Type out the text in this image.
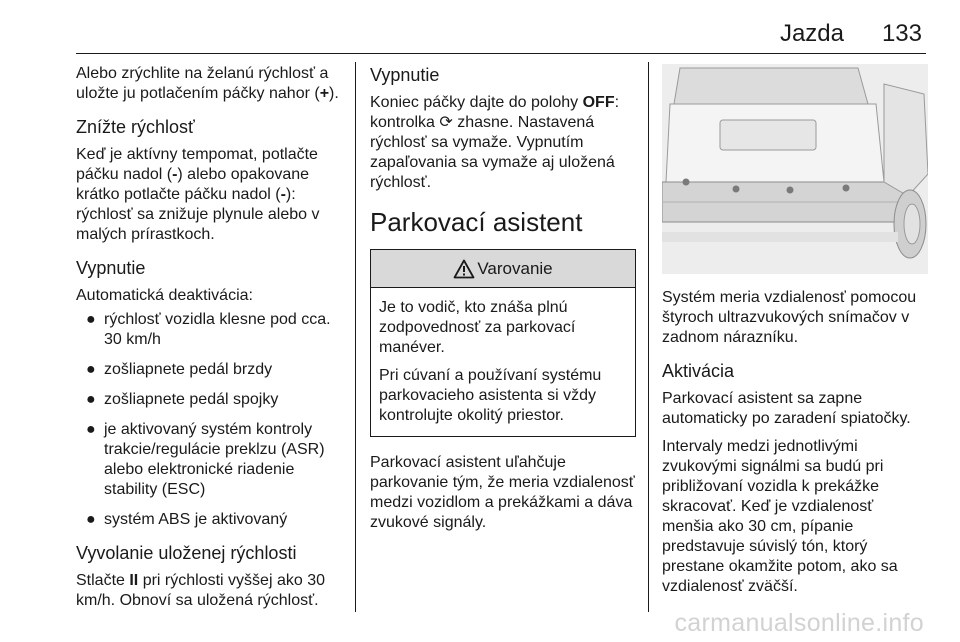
Jazda 133

Alebo zrýchlite na želanú rýchlosť a uložte ju potlačením páčky nahor (+).

Znížte rýchlosť

Keď je aktívny tempomat, potlačte páčku nadol (-) alebo opakovane krátko potlačte páčku nadol (-): rýchlosť sa znižuje plynule alebo v malých prírastkoch.

Vypnutie

Automatická deaktivácia:

● rýchlosť vozidla klesne pod cca. 30 km/h
● zošliapnete pedál brzdy
● zošliapnete pedál spojky
● je aktivovaný systém kontroly trakcie/regulácie preklzu (ASR) alebo elektronické riadenie stability (ESC)
● systém ABS je aktivovaný
Vyvolanie uloženej rýchlosti

Stlačte II pri rýchlosti vyššej ako 30 km/h. Obnoví sa uložená rýchlosť.

Vypnutie

Koniec páčky dajte do polohy OFF: kontrolka ⟳ zhasne. Nastavená rýchlosť sa vymaže. Vypnutím zapaľovania sa vymaže aj uložená rýchlosť.

Parkovací asistent
Varovanie

Je to vodič, kto znáša plnú zodpovednosť za parkovací manéver.

Pri cúvaní a používaní systému parkovacieho asistenta si vždy kontrolujte okolitý priestor.

Parkovací asistent uľahčuje parkovanie tým, že meria vzdialenosť medzi vozidlom a prekážkami a dáva zvukové signály.

Systém meria vzdialenosť pomocou štyroch ultrazvukových snímačov v zadnom nárazníku.

Aktivácia

Parkovací asistent sa zapne automaticky po zaradení spiatočky.

Intervaly medzi jednotlivými zvukovými signálmi sa budú pri približovaní vozidla k prekážke skracovať. Keď je vzdialenosť menšia ako 30 cm, pípanie predstavuje súvislý tón, ktorý prestane okamžite potom, ako sa vzdialenosť zväčší.

carmanualsonline.info
